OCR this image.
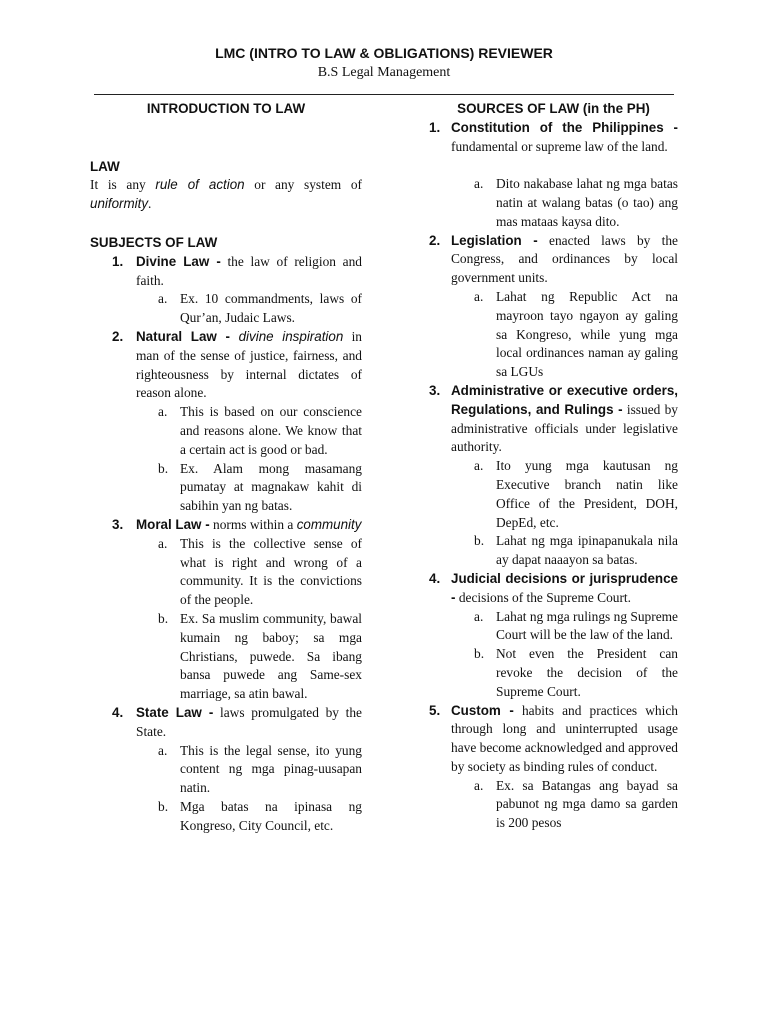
LMC (INTRO TO LAW & OBLIGATIONS) REVIEWER
B.S Legal Management
INTRODUCTION TO LAW
LAW
It is any rule of action or any system of uniformity.
SUBJECTS OF LAW
1. Divine Law - the law of religion and faith.
a. Ex. 10 commandments, laws of Qur’an, Judaic Laws.
2. Natural Law - divine inspiration in man of the sense of justice, fairness, and righteousness by internal dictates of reason alone.
a. This is based on our conscience and reasons alone. We know that a certain act is good or bad.
b. Ex. Alam mong masamang pumatay at magnakaw kahit di sabihin yan ng batas.
3. Moral Law - norms within a community
a. This is the collective sense of what is right and wrong of a community. It is the convictions of the people.
b. Ex. Sa muslim community, bawal kumain ng baboy; sa mga Christians, puwede. Sa ibang bansa puwede ang Same-sex marriage, sa atin bawal.
4. State Law - laws promulgated by the State.
a. This is the legal sense, ito yung content ng mga pinag-uusapan natin.
b. Mga batas na ipinasa ng Kongreso, City Council, etc.
SOURCES OF LAW (in the PH)
1. Constitution of the Philippines - fundamental or supreme law of the land.
a. Dito nakabase lahat ng mga batas natin at walang batas (o tao) ang mas mataas kaysa dito.
2. Legislation - enacted laws by the Congress, and ordinances by local government units.
a. Lahat ng Republic Act na mayroon tayo ngayon ay galing sa Kongreso, while yung mga local ordinances naman ay galing sa LGUs
3. Administrative or executive orders, Regulations, and Rulings - issued by administrative officials under legislative authority.
a. Ito yung mga kautusan ng Executive branch natin like Office of the President, DOH, DepEd, etc.
b. Lahat ng mga ipinapanukala nila ay dapat naaayon sa batas.
4. Judicial decisions or jurisprudence - decisions of the Supreme Court.
a. Lahat ng mga rulings ng Supreme Court will be the law of the land.
b. Not even the President can revoke the decision of the Supreme Court.
5. Custom - habits and practices which through long and uninterrupted usage have become acknowledged and approved by society as binding rules of conduct.
a. Ex. sa Batangas ang bayad sa pabunot ng mga damo sa garden is 200 pesos
